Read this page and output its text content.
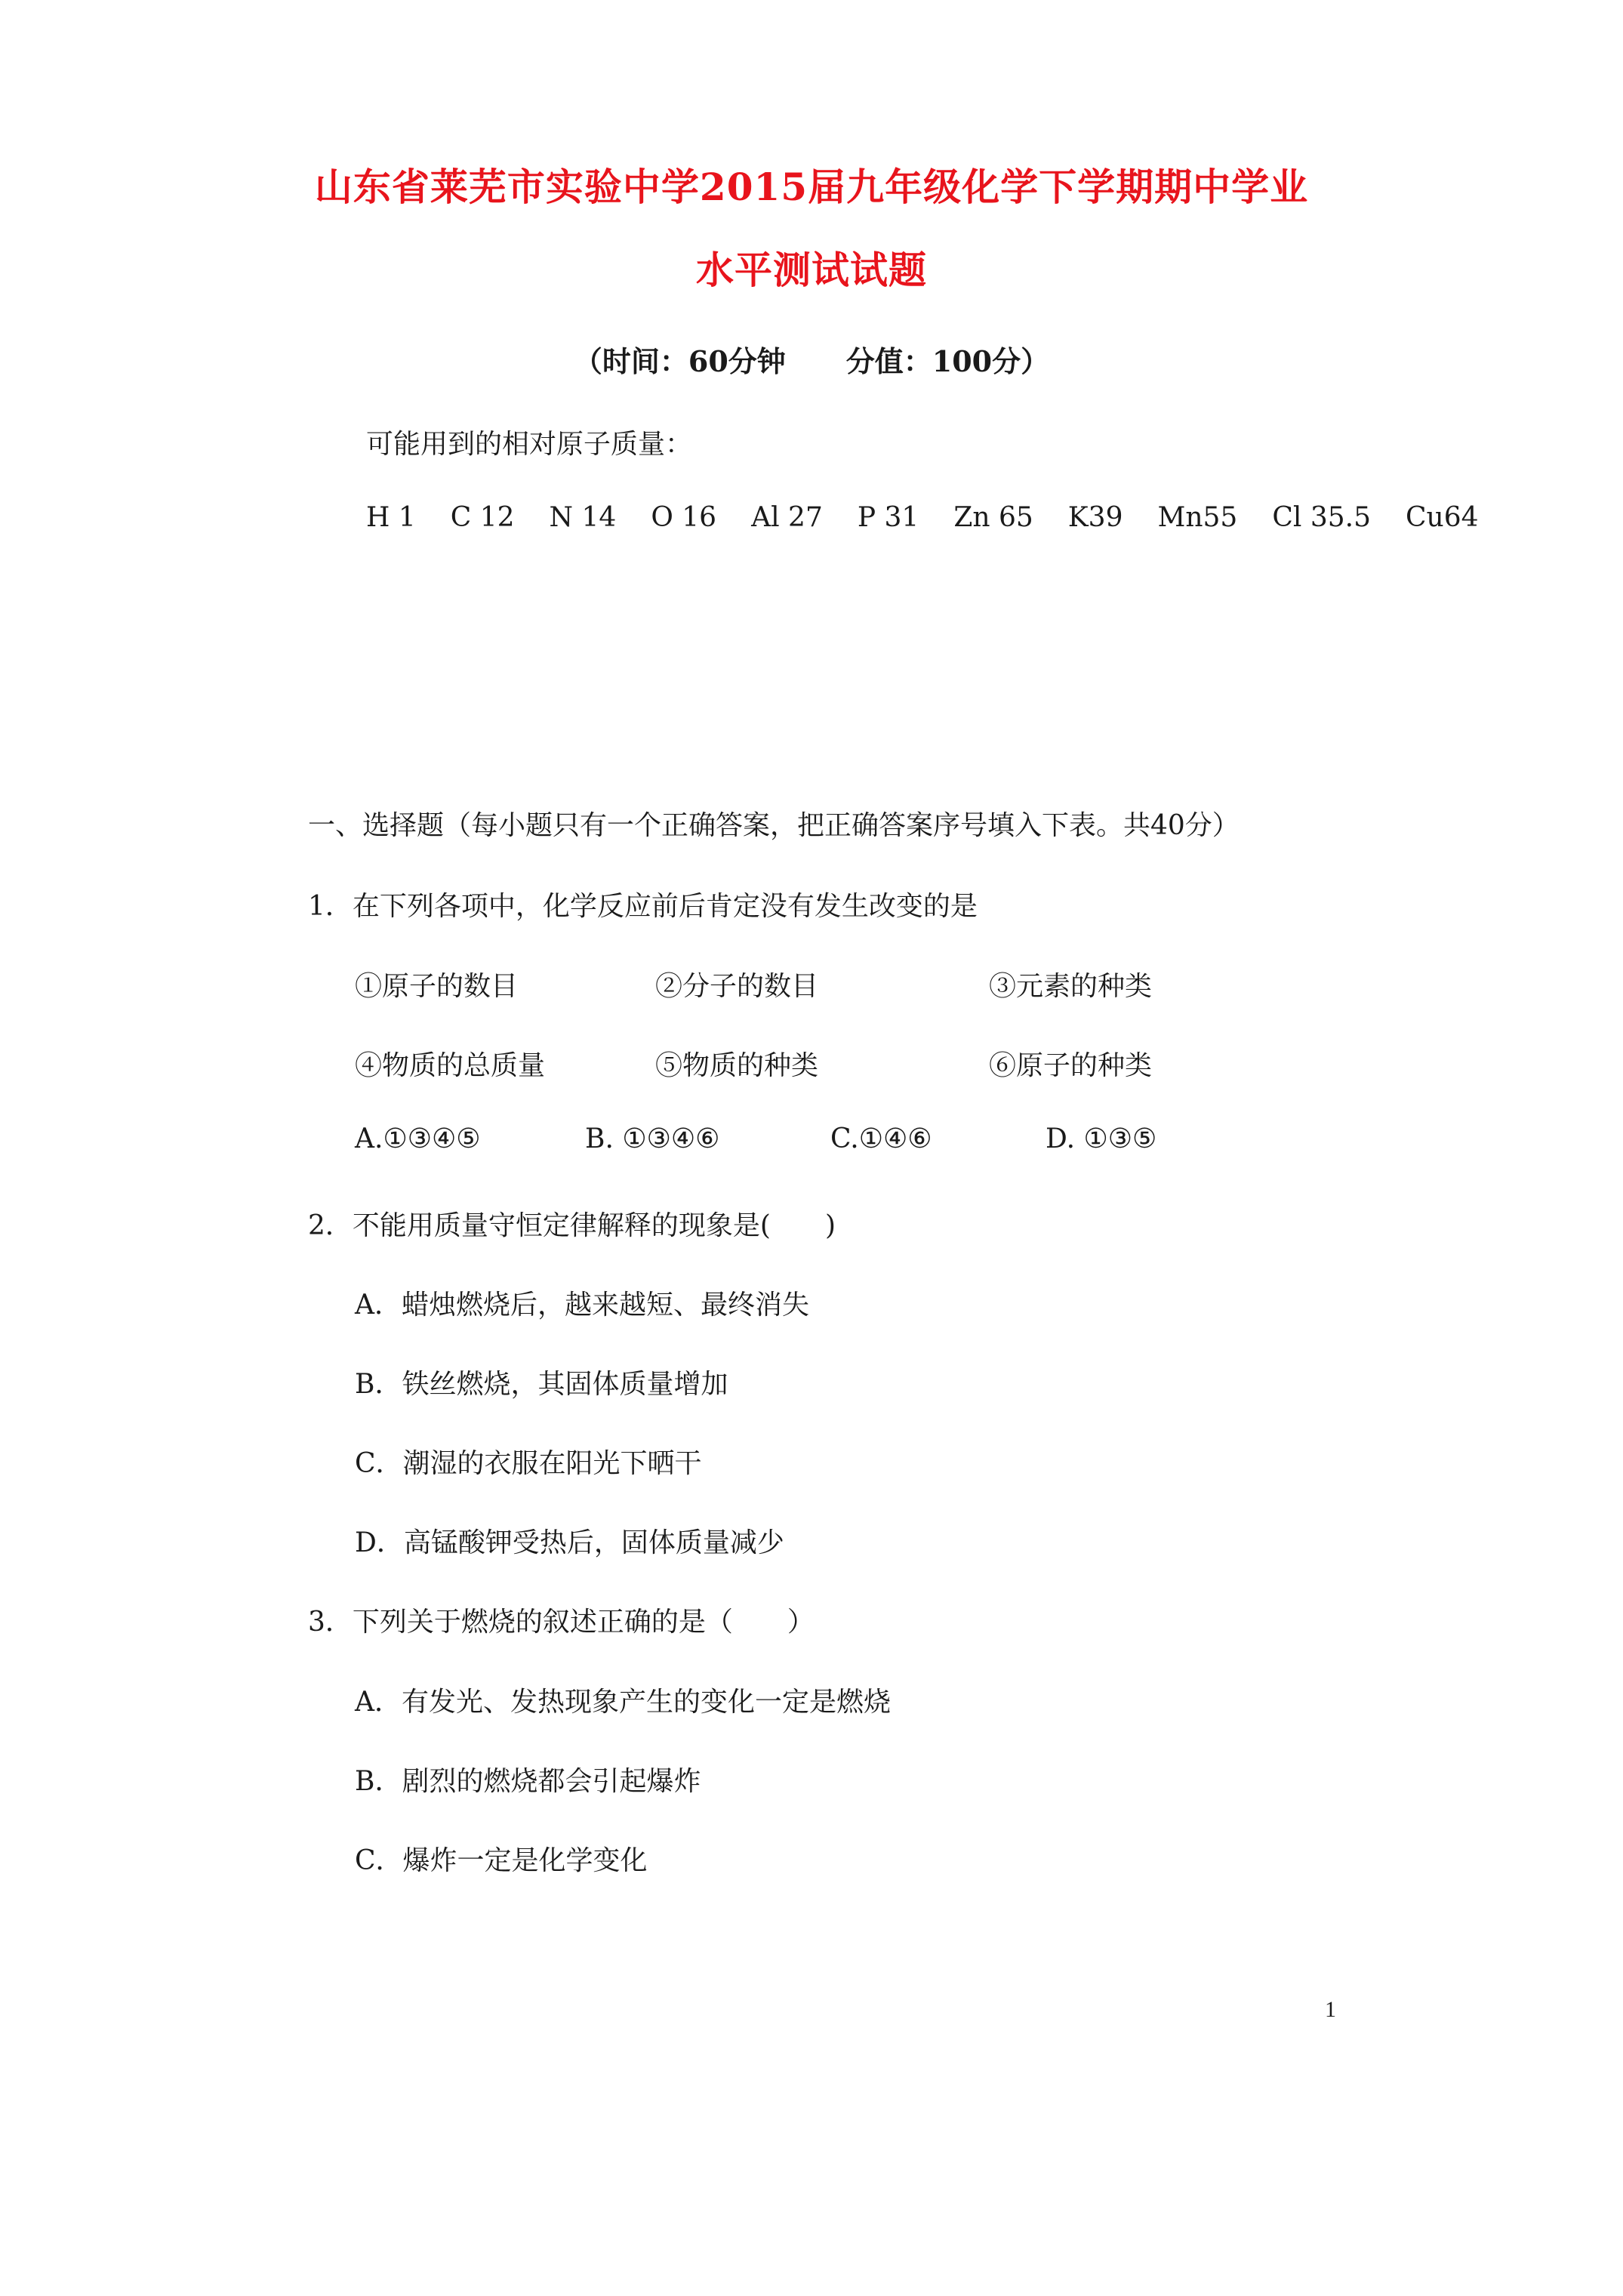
山东省莱芜市实验中学2015届九年级化学下学期期中学业
水平测试试题
（时间：60分钟 分值：100分）
可能用到的相对原子质量：
H 1 C 12 N 14 O 16 Al 27 P 31 Zn 65 K39 Mn55 Cl 35.5 Cu64
一、选择题（每小题只有一个正确答案，把正确答案序号填入下表。共40分）
1．在下列各项中，化学反应前后肯定没有发生改变的是
①原子的数目	②分子的数目	③元素的种类
④物质的总质量	⑤物质的种类	⑥原子的种类
A.①③④⑤	B. ①③④⑥	C.①④⑥	D. ①③⑤
2．不能用质量守恒定律解释的现象是(　　)
A．蜡烛燃烧后，越来越短、最终消失
B．铁丝燃烧，其固体质量增加
C．潮湿的衣服在阳光下晒干
D．高锰酸钾受热后，固体质量减少
3．下列关于燃烧的叙述正确的是（　　）
A．有发光、发热现象产生的变化一定是燃烧
B．剧烈的燃烧都会引起爆炸
C．爆炸一定是化学变化
1
